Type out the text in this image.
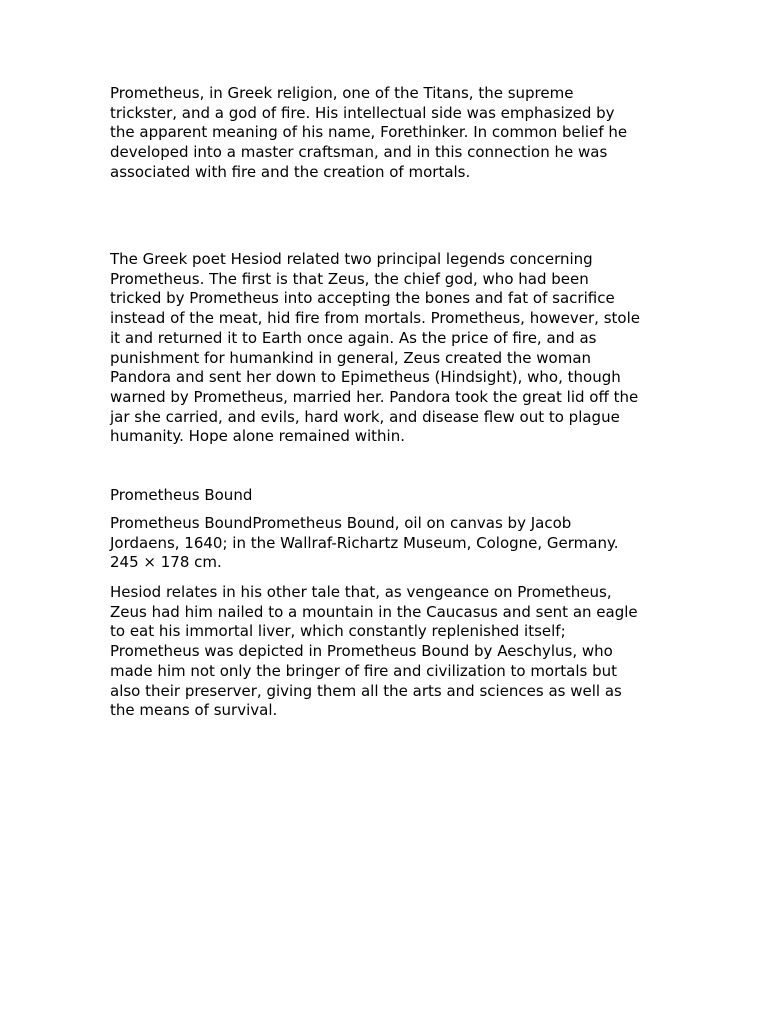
Prometheus, in Greek religion, one of the Titans, the supreme
trickster, and a god of fire. His intellectual side was emphasized by
the apparent meaning of his name, Forethinker. In common belief he
developed into a master craftsman, and in this connection he was
associated with fire and the creation of mortals.

The Greek poet Hesiod related two principal legends concerning
Prometheus. The first is that Zeus, the chief god, who had been
tricked by Prometheus into accepting the bones and fat of sacrifice
instead of the meat, hid fire from mortals. Prometheus, however, stole
it and returned it to Earth once again. As the price of fire, and as
punishment for humankind in general, Zeus created the woman
Pandora and sent her down to Epimetheus (Hindsight), who, though
warned by Prometheus, married her. Pandora took the great lid off the
jar she carried, and evils, hard work, and disease flew out to plague
humanity. Hope alone remained within.

Prometheus Bound

Prometheus BoundPrometheus Bound, oil on canvas by Jacob
Jordaens, 1640; in the Wallraf-Richartz Museum, Cologne, Germany.
245 × 178 cm.

Hesiod relates in his other tale that, as vengeance on Prometheus,
Zeus had him nailed to a mountain in the Caucasus and sent an eagle
to eat his immortal liver, which constantly replenished itself;
Prometheus was depicted in Prometheus Bound by Aeschylus, who
made him not only the bringer of fire and civilization to mortals but
also their preserver, giving them all the arts and sciences as well as
the means of survival.
